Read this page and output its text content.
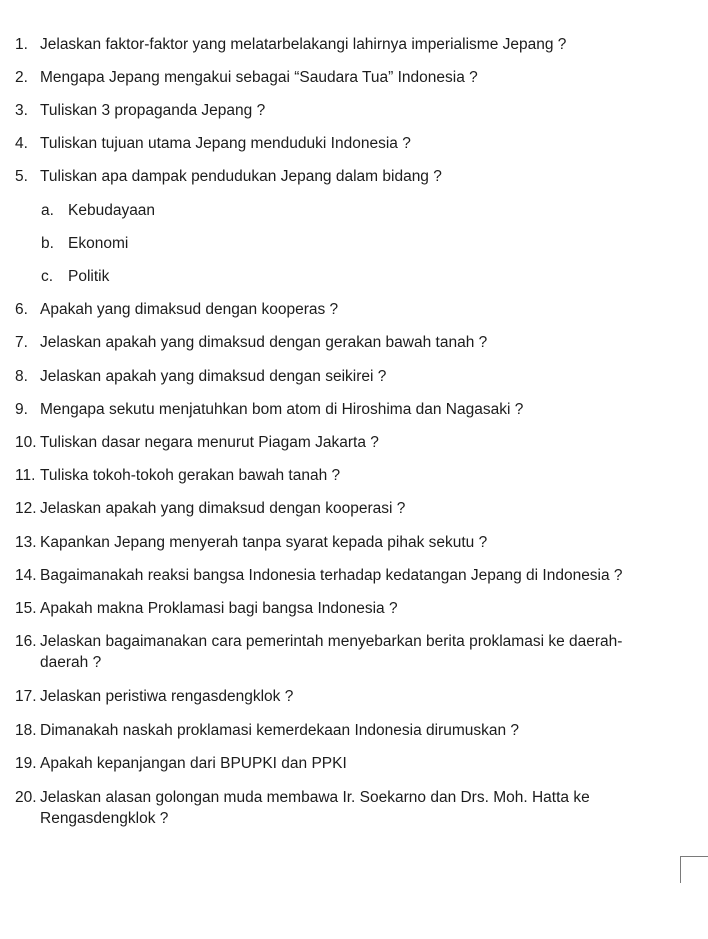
1. Jelaskan faktor-faktor yang melatarbelakangi lahirnya imperialisme Jepang ?
2. Mengapa Jepang mengakui sebagai “Saudara Tua” Indonesia ?
3. Tuliskan 3 propaganda Jepang ?
4. Tuliskan tujuan utama Jepang menduduki Indonesia ?
5. Tuliskan apa dampak pendudukan Jepang dalam bidang ?
a. Kebudayaan
b. Ekonomi
c. Politik
6. Apakah yang dimaksud dengan kooperas ?
7. Jelaskan apakah yang dimaksud dengan gerakan bawah tanah ?
8. Jelaskan apakah yang dimaksud dengan seikirei ?
9. Mengapa sekutu menjatuhkan bom atom di Hiroshima dan Nagasaki ?
10. Tuliskan dasar negara menurut Piagam Jakarta ?
11. Tuliska tokoh-tokoh gerakan bawah tanah ?
12. Jelaskan apakah yang dimaksud dengan kooperasi ?
13. Kapankan Jepang menyerah tanpa syarat kepada pihak sekutu ?
14. Bagaimanakah reaksi bangsa Indonesia terhadap kedatangan Jepang di Indonesia ?
15. Apakah makna Proklamasi bagi bangsa Indonesia ?
16. Jelaskan bagaimanakan cara pemerintah menyebarkan berita proklamasi ke daerah-
daerah ?
17. Jelaskan peristiwa rengasdengklok ?
18. Dimanakah naskah proklamasi kemerdekaan Indonesia dirumuskan ?
19. Apakah kepanjangan dari BPUPKI dan PPKI
20. Jelaskan alasan golongan muda membawa Ir. Soekarno dan Drs. Moh. Hatta ke
Rengasdengklok ?
